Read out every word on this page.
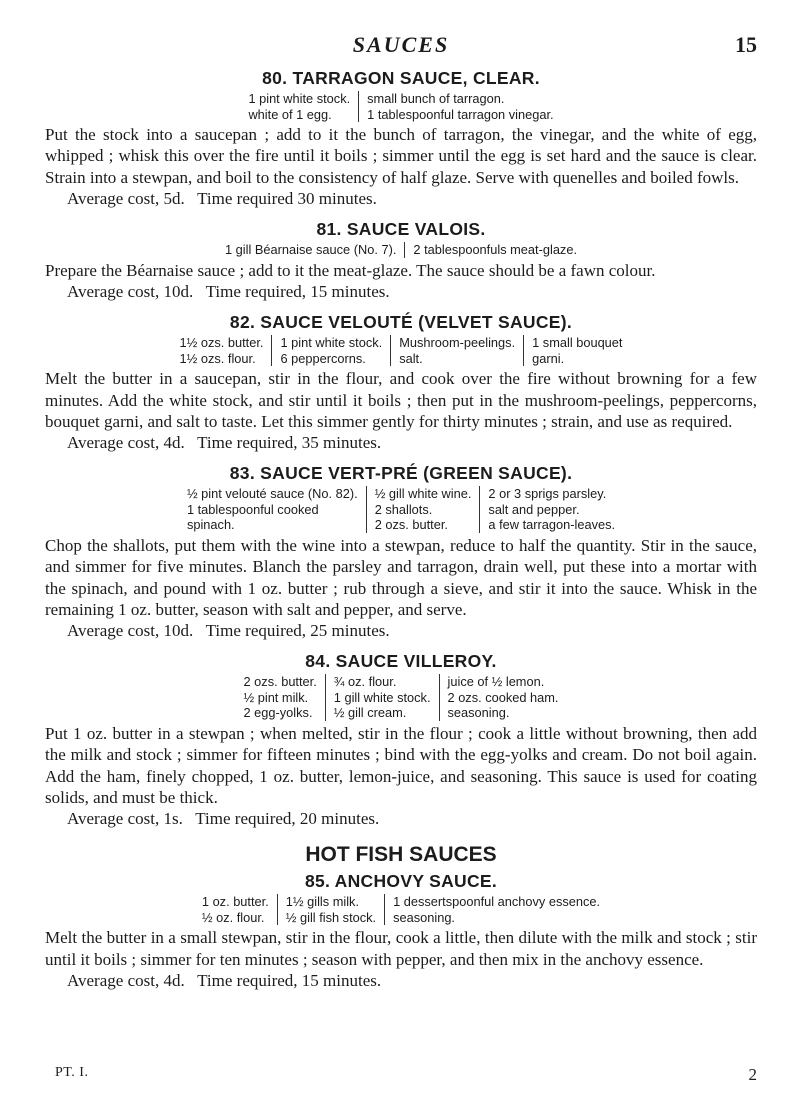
SAUCES	15
80. TARRAGON SAUCE, CLEAR.
1 pint white stock.
white of 1 egg.
small bunch of tarragon.
1 tablespoonful tarragon vinegar.

Put the stock into a saucepan ; add to it the bunch of tarragon, the vinegar, and the white of egg, whipped ; whisk this over the fire until it boils ; simmer until the egg is set hard and the sauce is clear. Strain into a stewpan, and boil to the consistency of half glaze. Serve with quenelles and boiled fowls.

Average cost, 5d.   Time required 30 minutes.

81. SAUCE VALOIS.
1 gill Béarnaise sauce (No. 7). 2 tablespoonfuls meat-glaze.

Prepare the Béarnaise sauce ; add to it the meat-glaze. The sauce should be a fawn colour.

Average cost, 10d.   Time required, 15 minutes.

82. SAUCE VELOUTÉ (VELVET SAUCE).
1½ ozs. butter.
1½ ozs. flour.
1 pint white stock.
6 peppercorns.
Mushroom-peelings.
salt.
1 small bouquet
garni.

Melt the butter in a saucepan, stir in the flour, and cook over the fire without browning for a few minutes. Add the white stock, and stir until it boils ; then put in the mushroom-peelings, peppercorns, bouquet garni, and salt to taste. Let this simmer gently for thirty minutes ; strain, and use as required.

Average cost, 4d.   Time required, 35 minutes.

83. SAUCE VERT-PRÉ (GREEN SAUCE).
½ pint velouté sauce (No. 82).
1 tablespoonful cooked
spinach.
½ gill white wine.
2 shallots.
2 ozs. butter.
2 or 3 sprigs parsley.
salt and pepper.
a few tarragon-leaves.

Chop the shallots, put them with the wine into a stewpan, reduce to half the quantity. Stir in the sauce, and simmer for five minutes. Blanch the parsley and tarragon, drain well, put these into a mortar with the spinach, and pound with 1 oz. butter ; rub through a sieve, and stir it into the sauce. Whisk in the remaining 1 oz. butter, season with salt and pepper, and serve.

Average cost, 10d.   Time required, 25 minutes.

84. SAUCE VILLEROY.
2 ozs. butter.
½ pint milk.
2 egg-yolks.
¾ oz. flour.
1 gill white stock.
½ gill cream.
juice of ½ lemon.
2 ozs. cooked ham.
seasoning.

Put 1 oz. butter in a stewpan ; when melted, stir in the flour ; cook a little without browning, then add the milk and stock ; simmer for fifteen minutes ; bind with the egg-yolks and cream. Do not boil again. Add the ham, finely chopped, 1 oz. butter, lemon-juice, and seasoning. This sauce is used for coating solids, and must be thick.

Average cost, 1s.   Time required, 20 minutes.

HOT FISH SAUCES
85. ANCHOVY SAUCE.
1 oz. butter.
½ oz. flour.
1½ gills milk.
½ gill fish stock.
1 dessertspoonful anchovy essence.
seasoning.

Melt the butter in a small stewpan, stir in the flour, cook a little, then dilute with the milk and stock ; stir until it boils ; simmer for ten minutes ; season with pepper, and then mix in the anchovy essence.

Average cost, 4d.   Time required, 15 minutes.

PT. I.	2
